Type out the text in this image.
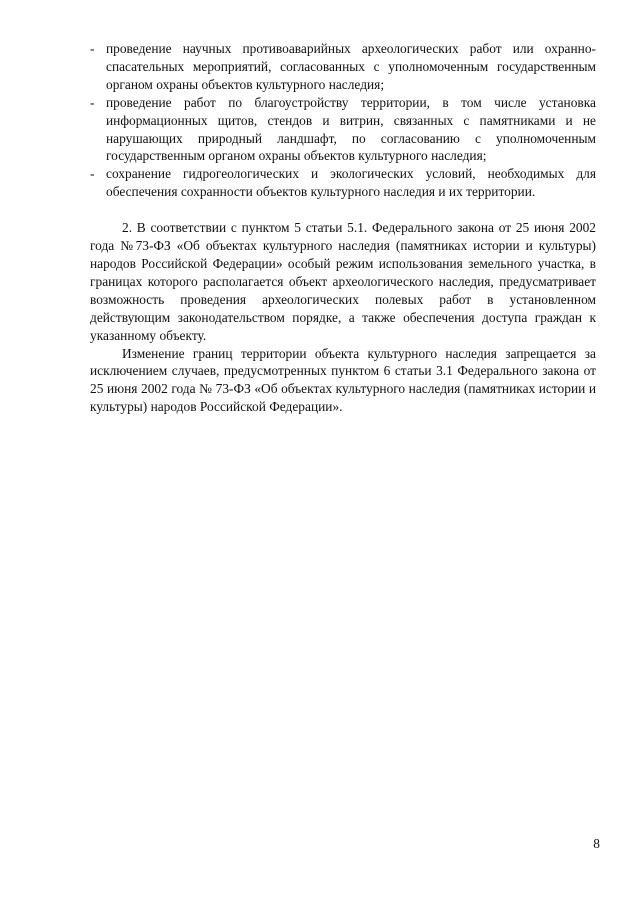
- проведение научных противоаварийных археологических работ или охранно-спасательных мероприятий, согласованных с уполномоченным государственным органом охраны объектов культурного наследия;
- проведение работ по благоустройству территории, в том числе установка информационных щитов, стендов и витрин, связанных с памятниками и не нарушающих природный ландшафт, по согласованию с уполномоченным государственным органом охраны объектов культурного наследия;
- сохранение гидрогеологических и экологических условий, необходимых для обеспечения сохранности объектов культурного наследия и их территории.

2. В соответствии с пунктом 5 статьи 5.1. Федерального закона от 25 июня 2002 года №73-ФЗ «Об объектах культурного наследия (памятниках истории и культуры) народов Российской Федерации» особый режим использования земельного участка, в границах которого располагается объект археологического наследия, предусматривает возможность проведения археологических полевых работ в установленном действующим законодательством порядке, а также обеспечения доступа граждан к указанному объекту.

Изменение границ территории объекта культурного наследия запрещается за исключением случаев, предусмотренных пунктом 6 статьи 3.1 Федерального закона от 25 июня 2002 года № 73-ФЗ «Об объектах культурного наследия (памятниках истории и культуры) народов Российской Федерации».

8
